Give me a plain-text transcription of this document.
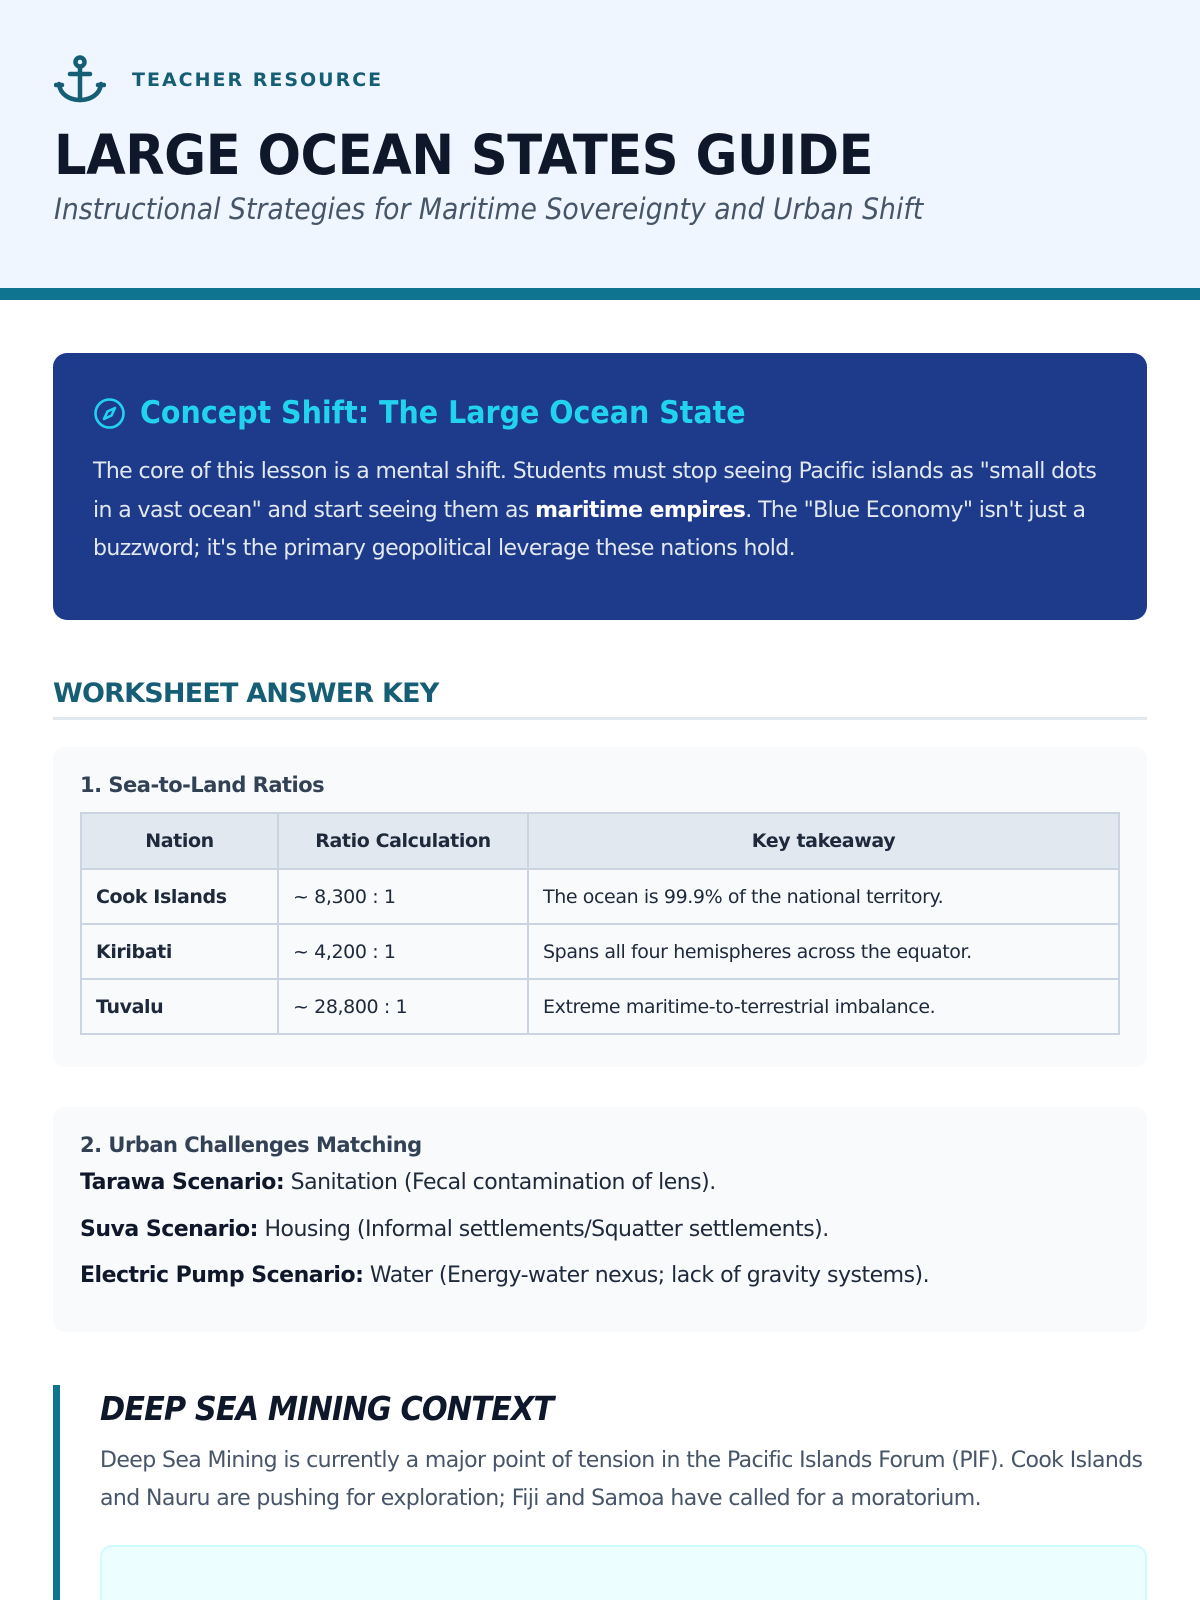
TEACHER RESOURCE
LARGE OCEAN STATES GUIDE
Instructional Strategies for Maritime Sovereignty and Urban Shift
Concept Shift: The Large Ocean State

The core of this lesson is a mental shift. Students must stop seeing Pacific islands as "small dots in a vast ocean" and start seeing them as maritime empires. The "Blue Economy" isn't just a buzzword; it's the primary geopolitical leverage these nations hold.

WORKSHEET ANSWER KEY
1. Sea-to-Land Ratios
Nation	Ratio Calculation	Key takeaway
Cook Islands	~ 8,300 : 1	The ocean is 99.9% of the national territory.
Kiribati	~ 4,200 : 1	Spans all four hemispheres across the equator.
Tuvalu	~ 28,800 : 1	Extreme maritime-to-terrestrial imbalance.
2. Urban Challenges Matching

Tarawa Scenario: Sanitation (Fecal contamination of lens).

Suva Scenario: Housing (Informal settlements/Squatter settlements).

Electric Pump Scenario: Water (Energy-water nexus; lack of gravity systems).

DEEP SEA MINING CONTEXT

Deep Sea Mining is currently a major point of tension in the Pacific Islands Forum (PIF). Cook Islands and Nauru are pushing for exploration; Fiji and Samoa have called for a moratorium.
